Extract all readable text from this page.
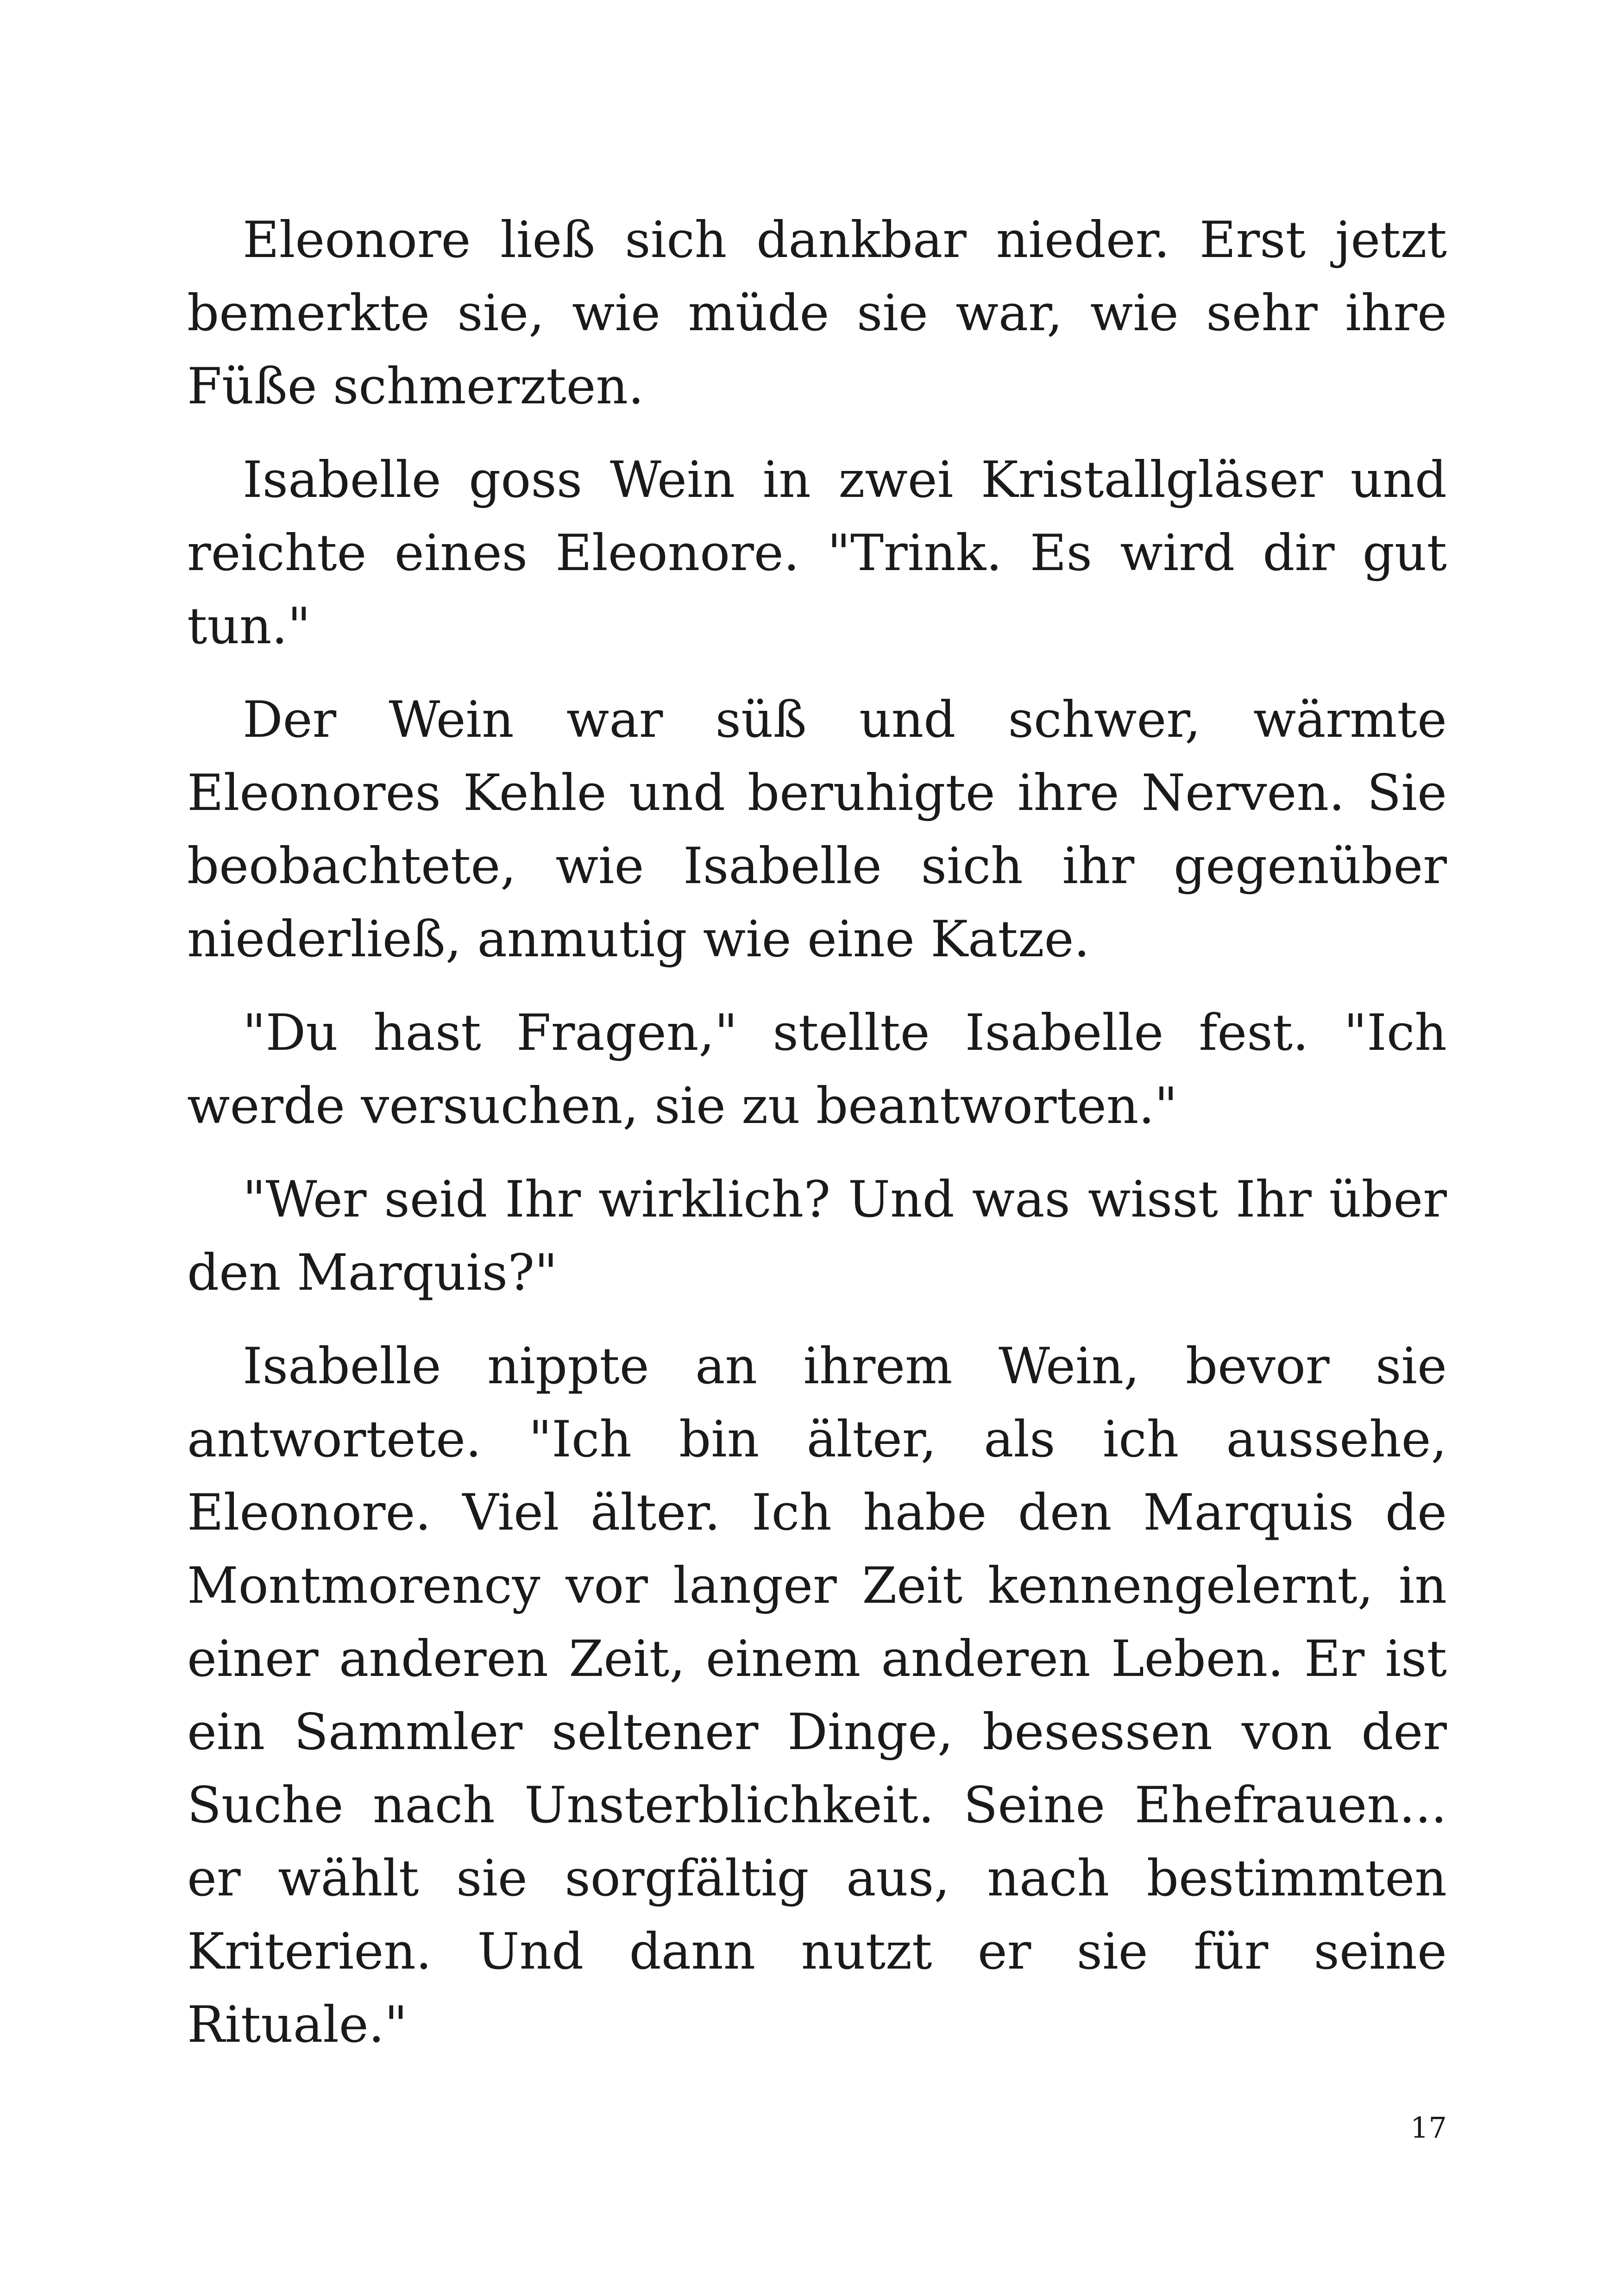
Eleonore ließ sich dankbar nieder. Erst jetzt bemerkte sie, wie müde sie war, wie sehr ihre Füße schmerzten.

Isabelle goss Wein in zwei Kristallgläser und reichte eines Eleonore. "Trink. Es wird dir gut tun."

Der Wein war süß und schwer, wärmte Eleonores Kehle und beruhigte ihre Nerven. Sie beobachtete, wie Isabelle sich ihr gegenüber niederließ, anmutig wie eine Katze.

"Du hast Fragen," stellte Isabelle fest. "Ich werde versuchen, sie zu beantworten."

"Wer seid Ihr wirklich? Und was wisst Ihr über den Marquis?"

Isabelle nippte an ihrem Wein, bevor sie antwortete. "Ich bin älter, als ich aussehe, Eleonore. Viel älter. Ich habe den Marquis de Montmorency vor langer Zeit kennengelernt, in einer anderen Zeit, einem anderen Leben. Er ist ein Sammler seltener Dinge, besessen von der Suche nach Unsterblichkeit. Seine Ehefrauen... er wählt sie sorgfältig aus, nach bestimmten Kriterien. Und dann nutzt er sie für seine Rituale."

17
